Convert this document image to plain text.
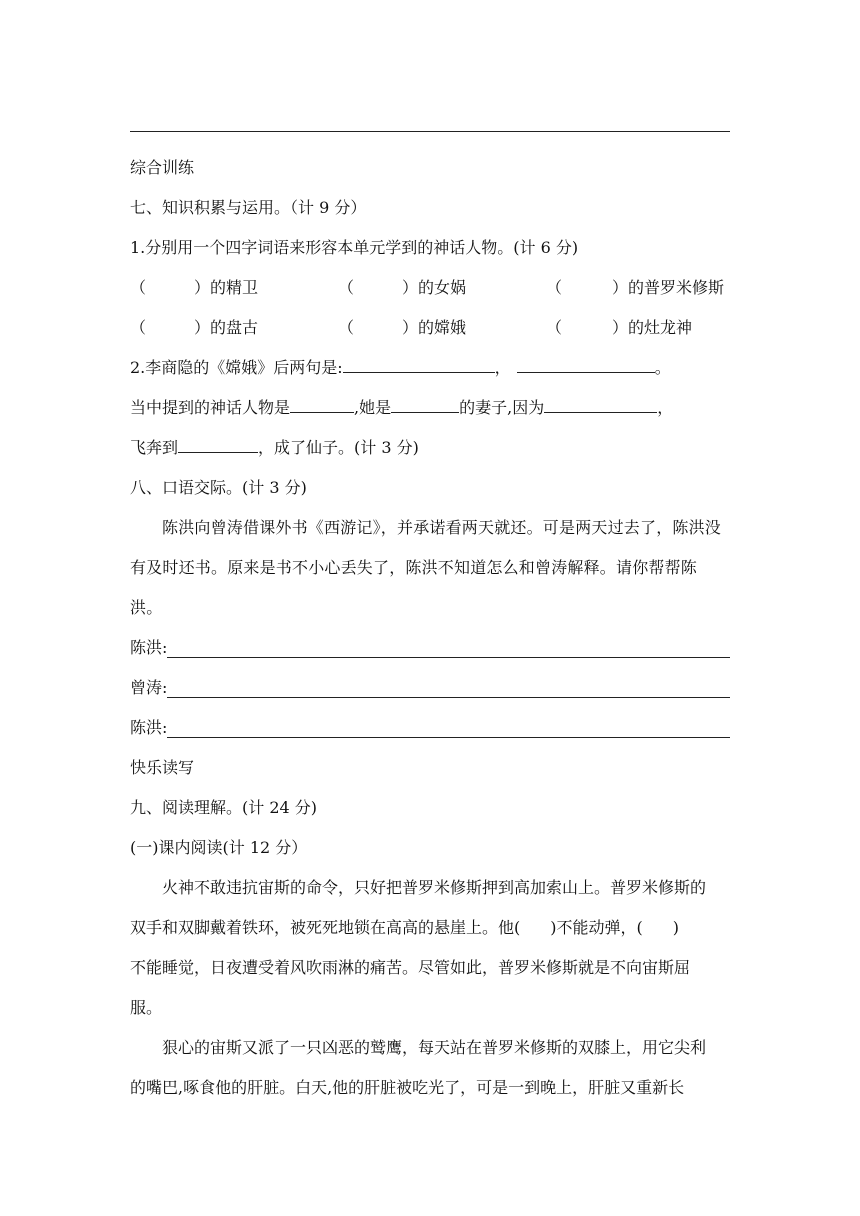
综合训练
七、知识积累与运用。（计 9 分）
1.分别用一个四字词语来形容本单元学到的神话人物。(计 6 分)
（	）的精卫	（	）的女娲	（	）的普罗米修斯
（	）的盘古	（	）的嫦娥	（	）的灶龙神
2.李商隐的《嫦娥》后两句是:	，	。
当中提到的神话人物是	,她是	的妻子,因为	，
飞奔到	，成了仙子。(计 3 分)
八、口语交际。(计 3 分)
陈洪向曾涛借课外书《西游记》，并承诺看两天就还。可是两天过去了，陈洪没
有及时还书。原来是书不小心丢失了，陈洪不知道怎么和曾涛解释。请你帮帮陈
洪。
陈洪:
曾涛:
陈洪:
快乐读写
九、阅读理解。(计 24 分)
(一)课内阅读(计 12 分）
火神不敢违抗宙斯的命令，只好把普罗米修斯押到高加索山上。普罗米修斯的
双手和双脚戴着铁环，被死死地锁在高高的悬崖上。他( )不能动弹，( )
不能睡觉，日夜遭受着风吹雨淋的痛苦。尽管如此，普罗米修斯就是不向宙斯屈
服。
狠心的宙斯又派了一只凶恶的鹫鹰，每天站在普罗米修斯的双膝上，用它尖利
的嘴巴,啄食他的肝脏。白天,他的肝脏被吃光了，可是一到晚上，肝脏又重新长
